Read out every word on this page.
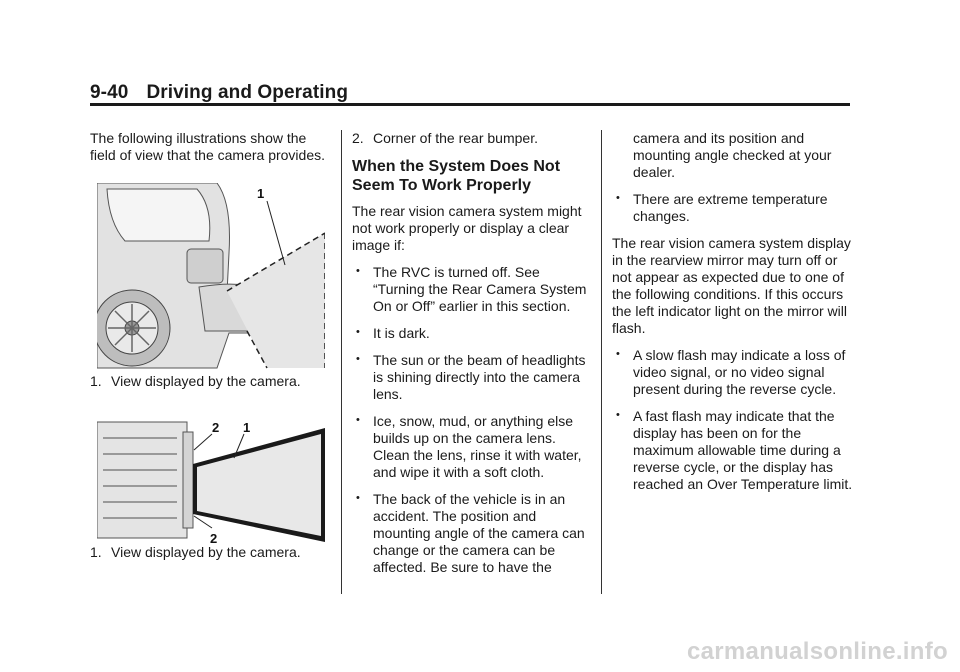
9-40 Driving and Operating

The following illustrations show the field of view that the camera provides.

1

1. View displayed by the camera.

2 1
2

1. View displayed by the camera.

2. Corner of the rear bumper.

When the System Does Not Seem To Work Properly

The rear vision camera system might not work properly or display a clear image if:

• The RVC is turned off. See “Turning the Rear Camera System On or Off” earlier in this section.

• It is dark.

• The sun or the beam of headlights is shining directly into the camera lens.

• Ice, snow, mud, or anything else builds up on the camera lens. Clean the lens, rinse it with water, and wipe it with a soft cloth.

• The back of the vehicle is in an accident. The position and mounting angle of the camera can change or the camera can be affected. Be sure to have the

camera and its position and mounting angle checked at your dealer.

• There are extreme temperature changes.

The rear vision camera system display in the rearview mirror may turn off or not appear as expected due to one of the following conditions. If this occurs the left indicator light on the mirror will flash.

• A slow flash may indicate a loss of video signal, or no video signal present during the reverse cycle.

• A fast flash may indicate that the display has been on for the maximum allowable time during a reverse cycle, or the display has reached an Over Temperature limit.

carmanualsonline.info
